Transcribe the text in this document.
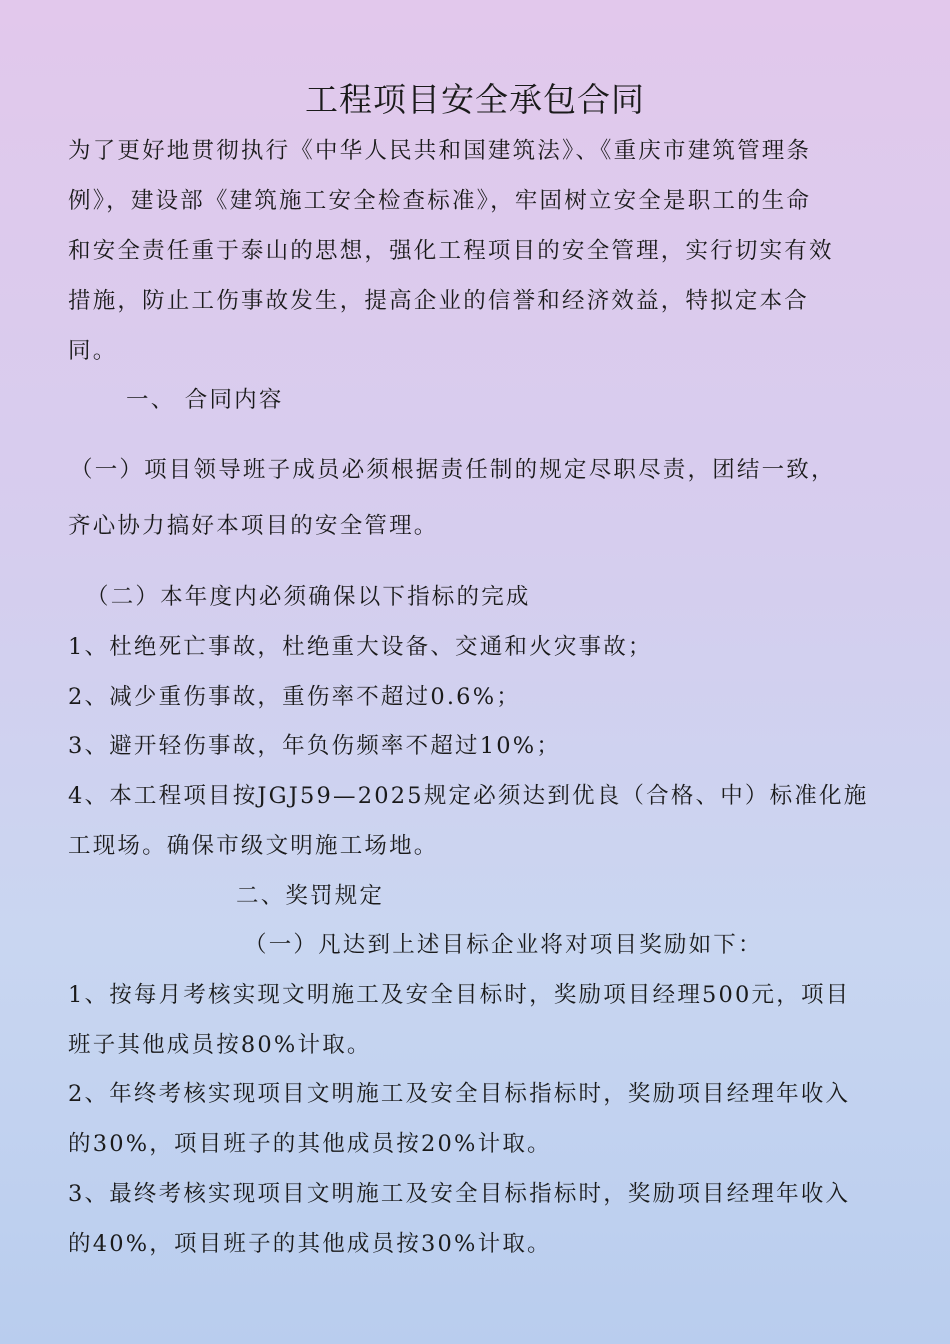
工程项目安全承包合同
为了更好地贯彻执行《中华人民共和国建筑法》、《重庆市建筑管理条
例》，建设部《建筑施工安全检查标准》，牢固树立安全是职工的生命
和安全责任重于泰山的思想，强化工程项目的安全管理，实行切实有效
措施，防止工伤事故发生，提高企业的信誉和经济效益，特拟定本合
同。
一、 合同内容
（一）项目领导班子成员必须根据责任制的规定尽职尽责，团结一致，
齐心协力搞好本项目的安全管理。
（二）本年度内必须确保以下指标的完成
1、杜绝死亡事故，杜绝重大设备、交通和火灾事故；
2、减少重伤事故，重伤率不超过0.6%；
3、避开轻伤事故，年负伤频率不超过10%；
4、本工程项目按JGJ59—2025规定必须达到优良（合格、中）标准化施
工现场。确保市级文明施工场地。
二、奖罚规定
（一）凡达到上述目标企业将对项目奖励如下：
1、按每月考核实现文明施工及安全目标时，奖励项目经理500元，项目
班子其他成员按80%计取。
2、年终考核实现项目文明施工及安全目标指标时，奖励项目经理年收入
的30%，项目班子的其他成员按20%计取。
3、最终考核实现项目文明施工及安全目标指标时，奖励项目经理年收入
的40%，项目班子的其他成员按30%计取。
